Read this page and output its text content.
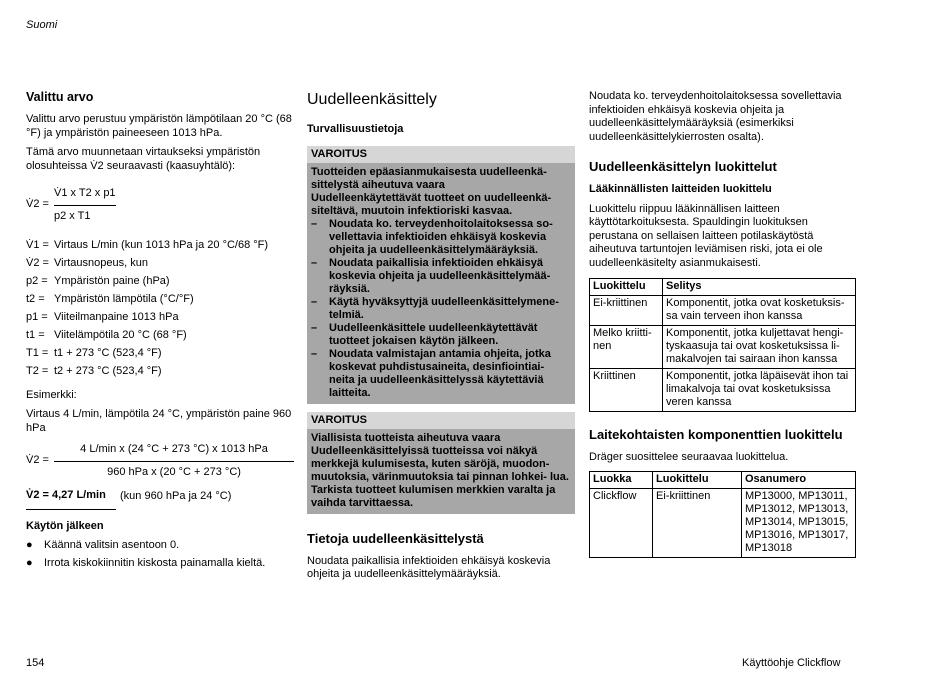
Suomi
Valittu arvo

Valittu arvo perustuu ympäristön lämpötilaan 20 °C (68 °F) ja ympäristön paineeseen 1013 hPa.

Tämä arvo muunnetaan virtaukseksi ympäristön olosuhteissa V̇2 seuraavasti (kaasuyhtälö):

V̇2 = $\frac{\text{V̇1 x T2 x p1}}{\text{p2 x T1}}$
V̇1 = Virtaus L/min (kun 1013 hPa ja 20 °C/68 °F)
V̇2 = Virtausnopeus, kun
p2 = Ympäristön paine (hPa)
t2 = Ympäristön lämpötila (°C/°F)
p1 = Viiteilmanpaine 1013 hPa
t1 = Viitelämpötila 20 °C (68 °F)
T1 = t1 + 273 °C (523,4 °F)
T2 = t2 + 273 °C (523,4 °F)

Esimerkki:

Virtaus 4 L/min, lämpötila 24 °C, ympäristön paine 960 hPa

V̇2 = $\frac{\text{4 L/min x (24 °C + 273 °C) x 1013 hPa}}{\text{960 hPa x (20 °C + 273 °C)}}$
V̇2 = 4,27 L/min	(kun 960 hPa ja 24 °C)
Käytön jälkeen
●	Käännä valitsin asentoon 0.
●	Irrota kiskokiinnitin kiskosta painamalla kieltä.
Uudelleenkäsittely
Turvallisuustietoja
VAROITUS
Tuotteiden epäasianmukaisesta uudelleenkä-
sittelystä aiheutuva vaara
Uudelleenkäytettävät tuotteet on uudelleenkä-
siteltävä, muutoin infektioriski kasvaa.
–	Noudata ko. terveydenhoitolaitoksessa so- vellettavia infektioiden ehkäisyä koskevia ohjeita ja uudelleenkäsittelymääräyksiä.
–	Noudata paikallisia infektioiden ehkäisyä koskevia ohjeita ja uudelleenkäsittelymää- räyksiä.
–	Käytä hyväksyttyjä uudelleenkäsittelymene- telmiä.
–	Uudelleenkäsittele uudelleenkäytettävät tuotteet jokaisen käytön jälkeen.
–	Noudata valmistajan antamia ohjeita, jotka koskevat puhdistusaineita, desinfiointiai- neita ja uudelleenkäsittelyssä käytettäviä laitteita.
VAROITUS
Viallisista tuotteista aiheutuva vaara
Uudelleenkäsittelyissä tuotteissa voi näkyä merkkejä kulumisesta, kuten säröjä, muodon- muutoksia, värinmuutoksia tai pinnan lohkei- lua.
Tarkista tuotteet kulumisen merkkien varalta ja vaihda tarvittaessa.
Tietoja uudelleenkäsittelystä

Noudata paikallisia infektioiden ehkäisyä koskevia ohjeita ja uudelleenkäsittelymääräyksiä.

Noudata ko. terveydenhoitolaitoksessa sovellettavia infektioiden ehkäisyä koskevia ohjeita ja uudelleenkäsittelymääräyksiä (esimerkiksi uudelleenkäsittelykierrosten osalta).

Uudelleenkäsittelyn luokittelut
Lääkinnällisten laitteiden luokittelu

Luokittelu riippuu lääkinnällisen laitteen käyttötarkoituksesta. Spauldingin luokituksen perustana on sellaisen laitteen potilaskäytöstä aiheutuva tartuntojen leviämisen riski, jota ei ole uudelleenkäsitelty asianmukaisesti.

Luokittelu	Selitys
Ei-kriittinen	Komponentit, jotka ovat kosketuksis- sa vain terveen ihon kanssa
Melko kriitti- nen	Komponentit, jotka kuljettavat hengi- tyskaasuja tai ovat kosketuksissa li- makalvojen tai sairaan ihon kanssa
Kriittinen	Komponentit, jotka läpäisevät ihon tai limakalvoja tai ovat kosketuksissa veren kanssa
Laitekohtaisten komponenttien luokittelu

Dräger suosittelee seuraavaa luokittelua.

Luokka	Luokittelu	Osanumero
Clickflow	Ei-kriittinen	MP13000, MP13011, MP13012, MP13013, MP13014, MP13015, MP13016, MP13017, MP13018
154	Käyttöohje Clickflow
